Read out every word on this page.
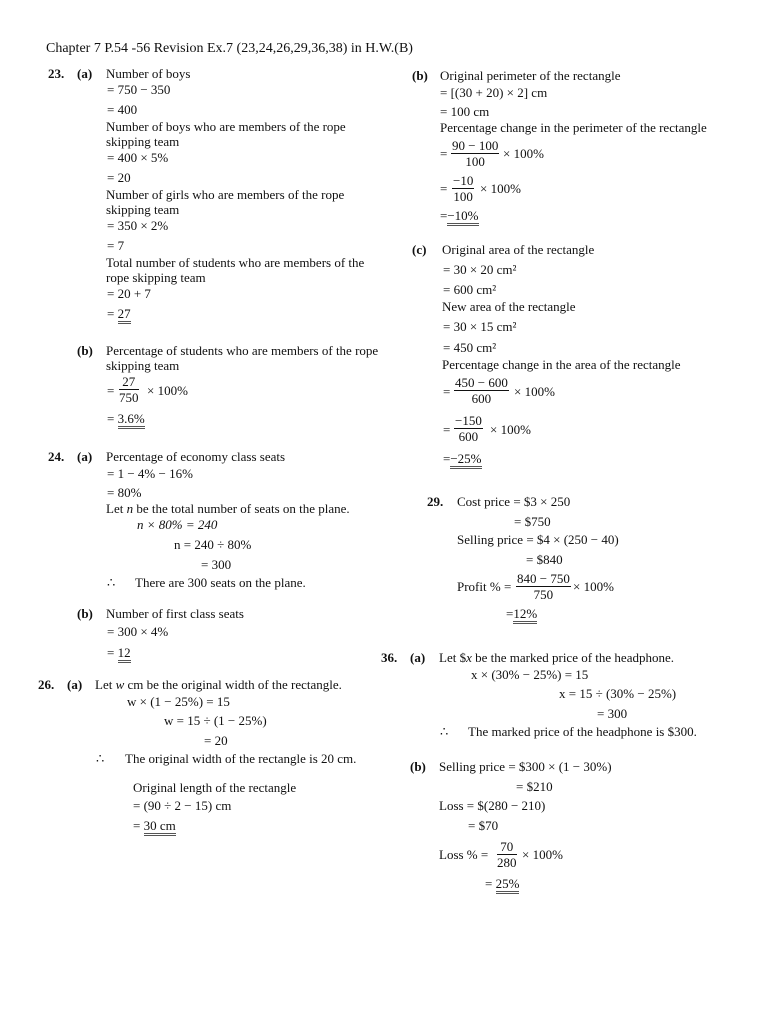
Chapter 7 P.54 -56 Revision Ex.7 (23,24,26,29,36,38) in H.W.(B)
23. (a) Number of boys
= 750 − 350
= 400
Number of boys who are members of the rope
skipping team
= 400 × 5%
= 20
Number of girls who are members of the rope
skipping team
= 350 × 2%
= 7
Total number of students who are members of the
rope skipping team
= 20 + 7
= 27
(b) Percentage of students who are members of the rope
skipping team
= $\frac{27}{750} \times 100\%$
= 3.6%
24. (a) Percentage of economy class seats
= 1 − 4% − 16%
= 80%
Let n be the total number of seats on the plane.
n × 80% = 240
n = 240 ÷ 80%
= 300
∴ There are 300 seats on the plane.
(b) Number of first class seats
= 300 × 4%
= 12
26. (a) Let w cm be the original width of the rectangle.
w × (1 − 25%) = 15
w = 15 ÷ (1 − 25%)
= 20
∴ The original width of the rectangle is 20 cm.
Original length of the rectangle
= (90 ÷ 2 − 15) cm
= 30 cm
(b) Original perimeter of the rectangle
= [(30 + 20) × 2] cm
= 100 cm
Percentage change in the perimeter of the rectangle
= $\frac{90 - 100}{100} \times 100\%$
= $\frac{-10}{100} \times 100\%$
=−10%
(c) Original area of the rectangle
= 30 × 20 cm²
= 600 cm²
New area of the rectangle
= 30 × 15 cm²
= 450 cm²
Percentage change in the area of the rectangle
= $\frac{450 - 600}{600} \times 100\%$
= $\frac{-150}{600} \times 100\%$
=−25%
29. Cost price = $3 × 250
= $750
Selling price = $4 × (250 − 40)
= $840
Profit % = $\frac{840 - 750}{750} \times 100\%$
=12%
36. (a) Let $x be the marked price of the headphone.
x × (30% − 25%) = 15
x = 15 ÷ (30% − 25%)
= 300
∴ The marked price of the headphone is $300.
(b) Selling price = $300 × (1 − 30%)
= $210
Loss = $(280 − 210)
= $70
Loss % = $\frac{70}{280} \times 100\%$
= 25%
